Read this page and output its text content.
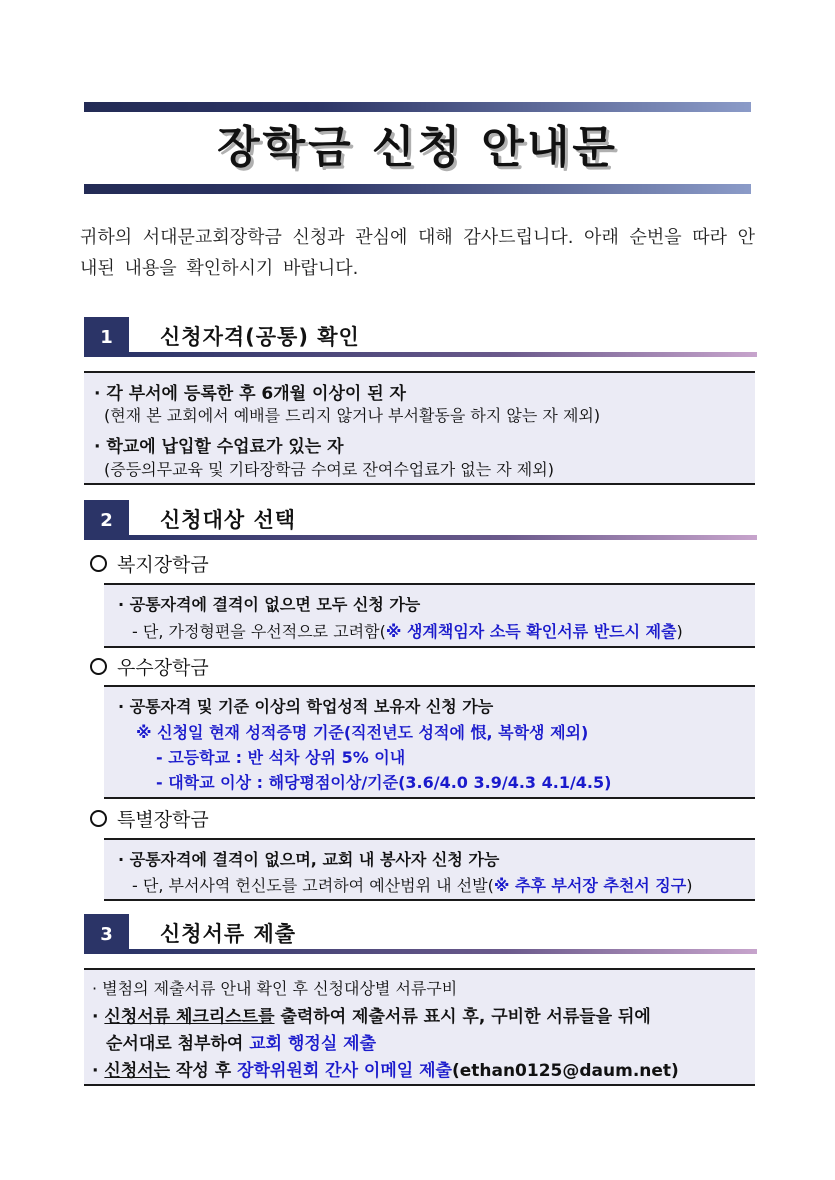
장학금 신청 안내문
귀하의 서대문교회장학금 신청과 관심에 대해 감사드립니다. 아래 순번을 따라 안내된 내용을 확인하시기 바랍니다.
1	신청자격(공통) 확인
· 각 부서에 등록한 후 6개월 이상이 된 자
(현재 본 교회에서 예배를 드리지 않거나 부서활동을 하지 않는 자 제외)
· 학교에 납입할 수업료가 있는 자
(증등의무교육 및 기타장학금 수여로 잔여수업료가 없는 자 제외)
2	신청대상 선택
복지장학금
· 공통자격에 결격이 없으면 모두 신청 가능
- 단, 가정형편을 우선적으로 고려함(※ 생계책임자 소득 확인서류 반드시 제출)
우수장학금
· 공통자격 및 기준 이상의 학업성적 보유자 신청 가능
※ 신청일 현재 성적증명 기준(직전년도 성적에 恨, 복학생 제외)
- 고등학교 : 반 석차 상위 5% 이내
- 대학교 이상 : 해당평점이상/기준(3.6/4.0 3.9/4.3 4.1/4.5)
특별장학금
· 공통자격에 결격이 없으며, 교회 내 봉사자 신청 가능
- 단, 부서사역 헌신도를 고려하여 예산범위 내 선발(※ 추후 부서장 추천서 징구)
3	신청서류 제출
· 별첨의 제출서류 안내 확인 후 신청대상별 서류구비
· 신청서류 체크리스트를 출력하여 제출서류 표시 후, 구비한 서류들을 뒤에
순서대로 첨부하여 교회 행정실 제출
· 신청서는 작성 후 장학위원회 간사 이메일 제출(ethan0125@daum.net)
